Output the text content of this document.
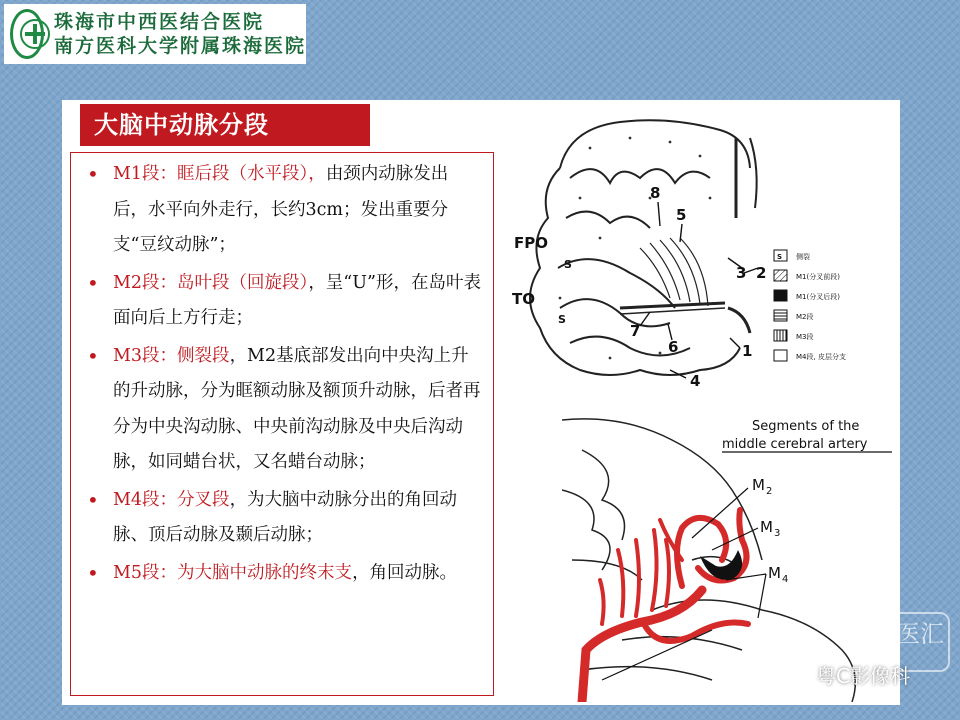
珠海市中西医结合医院
南方医科大学附属珠海医院
大脑中动脉分段
• M1段：眶后段（水平段），由颈内动脉发出后，水平向外走行，长约3cm；发出重要分支“豆纹动脉”；
• M2段：岛叶段（回旋段），呈“U”形，在岛叶表面向后上方行走；
• M3段：侧裂段，M2基底部发出向中央沟上升的升动脉，分为眶额动脉及额顶升动脉，后者再分为中央沟动脉、中央前沟动脉及中央后沟动脉，如同蜡台状，又名蜡台动脉；
• M4段：分叉段，为大脑中动脉分出的角回动脉、顶后动脉及颞后动脉；
• M5段：为大脑中动脉的终末支，角回动脉。
FPO
TO
S
S
8
5
3 2
7
6	1
4
S 侧裂
M1(分叉前段)
M1(分叉后段)
M2段
M3段
M4段, 皮层分支
Segments of the
middle cerebral artery
M 2
M 3
M 4
医汇
粤C影像科
